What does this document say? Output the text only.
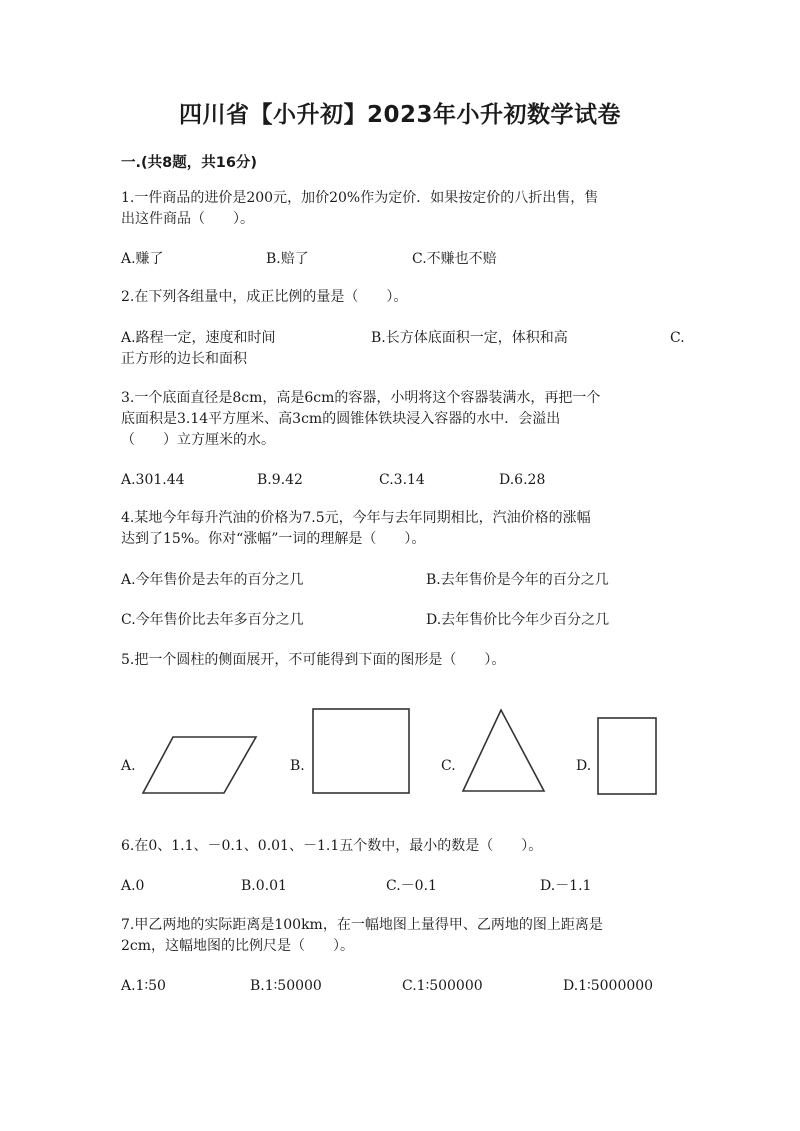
四川省【小升初】2023年小升初数学试卷
一.(共8题，共16分)
1.一件商品的进价是200元，加价20%作为定价．如果按定价的八折出售，售
出这件商品（　　）。
A.赚了	B.赔了	C.不赚也不赔
2.在下列各组量中，成正比例的量是（　　）。
A.路程一定，速度和时间	B.长方体底面积一定，体积和高	C.
正方形的边长和面积
3.一个底面直径是8cm，高是6cm的容器，小明将这个容器装满水，再把一个
底面积是3.14平方厘米、高3cm的圆锥体铁块浸入容器的水中．会溢出
（　　）立方厘米的水。
A.301.44	B.9.42	C.3.14	D.6.28
4.某地今年每升汽油的价格为7.5元，今年与去年同期相比，汽油价格的涨幅
达到了15%。你对“涨幅”一词的理解是（　　）。
A.今年售价是去年的百分之几	B.去年售价是今年的百分之几
C.今年售价比去年多百分之几	D.去年售价比今年少百分之几
5.把一个圆柱的侧面展开，不可能得到下面的图形是（　　）。
A.	B.	C.	D.
6.在0、1.1、－0.1、0.01、－1.1五个数中，最小的数是（　　）。
A.0	B.0.01	C.－0.1	D.－1.1
7.甲乙两地的实际距离是100km，在一幅地图上量得甲、乙两地的图上距离是
2cm，这幅地图的比例尺是（　　）。
A.1∶50	B.1∶50000	C.1∶500000	D.1∶5000000
